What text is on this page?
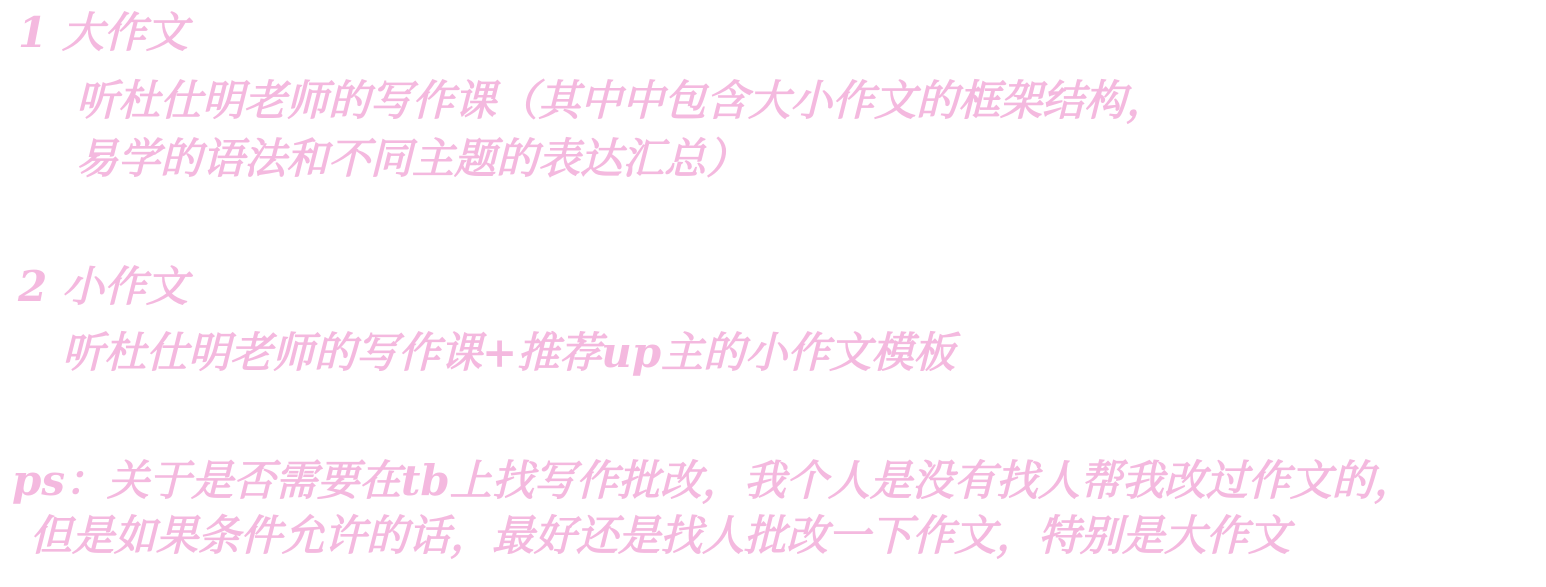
1 大作文
听杜仕明老师的写作课（其中中包含大小作文的框架结构，
易学的语法和不同主题的表达汇总）
2 小作文
听杜仕明老师的写作课+推荐up主的小作文模板
ps：关于是否需要在tb上找写作批改，我个人是没有找人帮我改过作文的，
但是如果条件允许的话，最好还是找人批改一下作文，特别是大作文
